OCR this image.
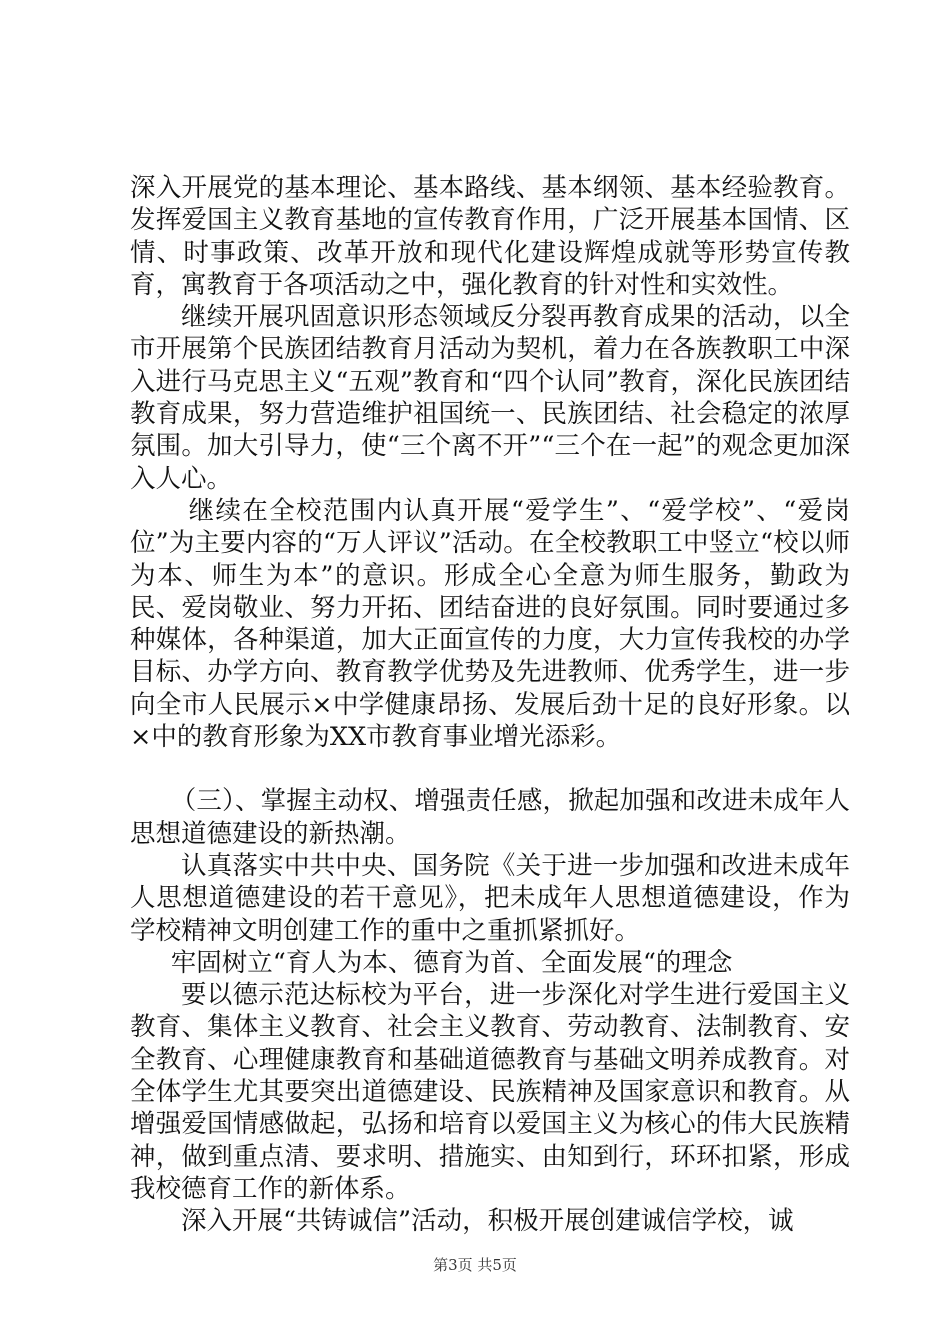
深入开展党的基本理论、基本路线、基本纲领、基本经验教育。发挥爱国主义教育基地的宣传教育作用，广泛开展基本国情、区情、时事政策、改革开放和现代化建设辉煌成就等形势宣传教育，寓教育于各项活动之中，强化教育的针对性和实效性。

继续开展巩固意识形态领域反分裂再教育成果的活动，以全市开展第个民族团结教育月活动为契机，着力在各族教职工中深入进行马克思主义“五观”教育和“四个认同”教育，深化民族团结教育成果，努力营造维护祖国统一、民族团结、社会稳定的浓厚氛围。加大引导力，使“三个离不开”“三个在一起”的观念更加深入人心。

继续在全校范围内认真开展“爱学生”、“爱学校”、“爱岗位”为主要内容的“万人评议”活动。在全校教职工中竖立“校以师为本、师生为本”的意识。形成全心全意为师生服务，勤政为民、爱岗敬业、努力开拓、团结奋进的良好氛围。同时要通过多种媒体，各种渠道，加大正面宣传的力度，大力宣传我校的办学目标、办学方向、教育教学优势及先进教师、优秀学生，进一步向全市人民展示×中学健康昂扬、发展后劲十足的良好形象。以×中的教育形象为XX市教育事业增光添彩。

（三）、掌握主动权、增强责任感，掀起加强和改进未成年人思想道德建设的新热潮。

认真落实中共中央、国务院《关于进一步加强和改进未成年人思想道德建设的若干意见》，把未成年人思想道德建设，作为学校精神文明创建工作的重中之重抓紧抓好。

牢固树立“育人为本、德育为首、全面发展“的理念

要以德示范达标校为平台，进一步深化对学生进行爱国主义教育、集体主义教育、社会主义教育、劳动教育、法制教育、安全教育、心理健康教育和基础道德教育与基础文明养成教育。对全体学生尤其要突出道德建设、民族精神及国家意识和教育。从增强爱国情感做起，弘扬和培育以爱国主义为核心的伟大民族精神，做到重点清、要求明、措施实、由知到行，环环扣紧，形成我校德育工作的新体系。

深入开展“共铸诚信”活动，积极开展创建诚信学校，诚

第3页 共5页
